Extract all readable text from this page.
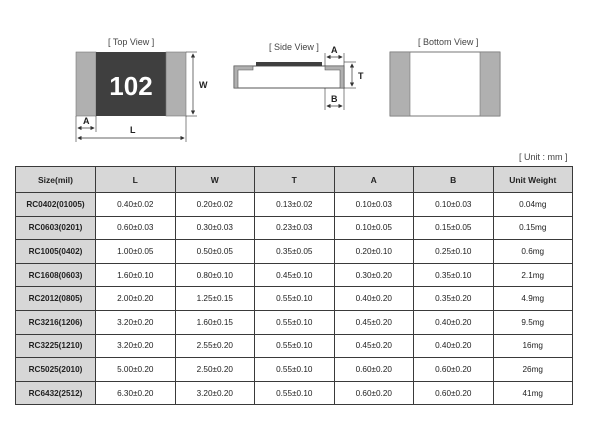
[ Top View ]	[ Side View ]	[ Bottom View ]
102	W
A
L
A
T
B
[ Unit : mm ]
Size(mil)	L	W	T	A	B	Unit Weight
RC0402(01005)	0.40±0.02	0.20±0.02	0.13±0.02	0.10±0.03	0.10±0.03	0.04mg
RC0603(0201)	0.60±0.03	0.30±0.03	0.23±0.03	0.10±0.05	0.15±0.05	0.15mg
RC1005(0402)	1.00±0.05	0.50±0.05	0.35±0.05	0.20±0.10	0.25±0.10	0.6mg
RC1608(0603)	1.60±0.10	0.80±0.10	0.45±0.10	0.30±0.20	0.35±0.10	2.1mg
RC2012(0805)	2.00±0.20	1.25±0.15	0.55±0.10	0.40±0.20	0.35±0.20	4.9mg
RC3216(1206)	3.20±0.20	1.60±0.15	0.55±0.10	0.45±0.20	0.40±0.20	9.5mg
RC3225(1210)	3.20±0.20	2.55±0.20	0.55±0.10	0.45±0.20	0.40±0.20	16mg
RC5025(2010)	5.00±0.20	2.50±0.20	0.55±0.10	0.60±0.20	0.60±0.20	26mg
RC6432(2512)	6.30±0.20	3.20±0.20	0.55±0.10	0.60±0.20	0.60±0.20	41mg
